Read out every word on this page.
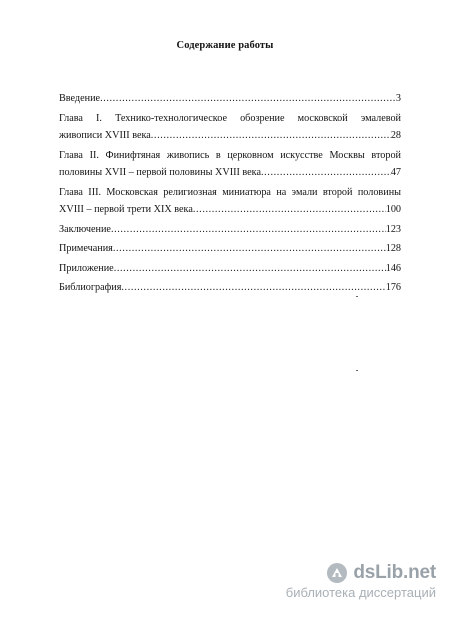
Содержание работы
Введение .....	3
Глава I. Технико-технологическое обозрение московской эмалевой
живописи XVIII века .....	28
Глава II. Финифтяная живопись в церковном искусстве Москвы второй
половины XVII – первой половины XVIII века .....	47
Глава III. Московская религиозная миниатюра на эмали второй половины
XVIII – первой трети XIX века .....	100
Заключение .....	123
Примечания .....	128
Приложение .....	146
Библиография .....	176
dsLib.net
библиотека диссертаций
